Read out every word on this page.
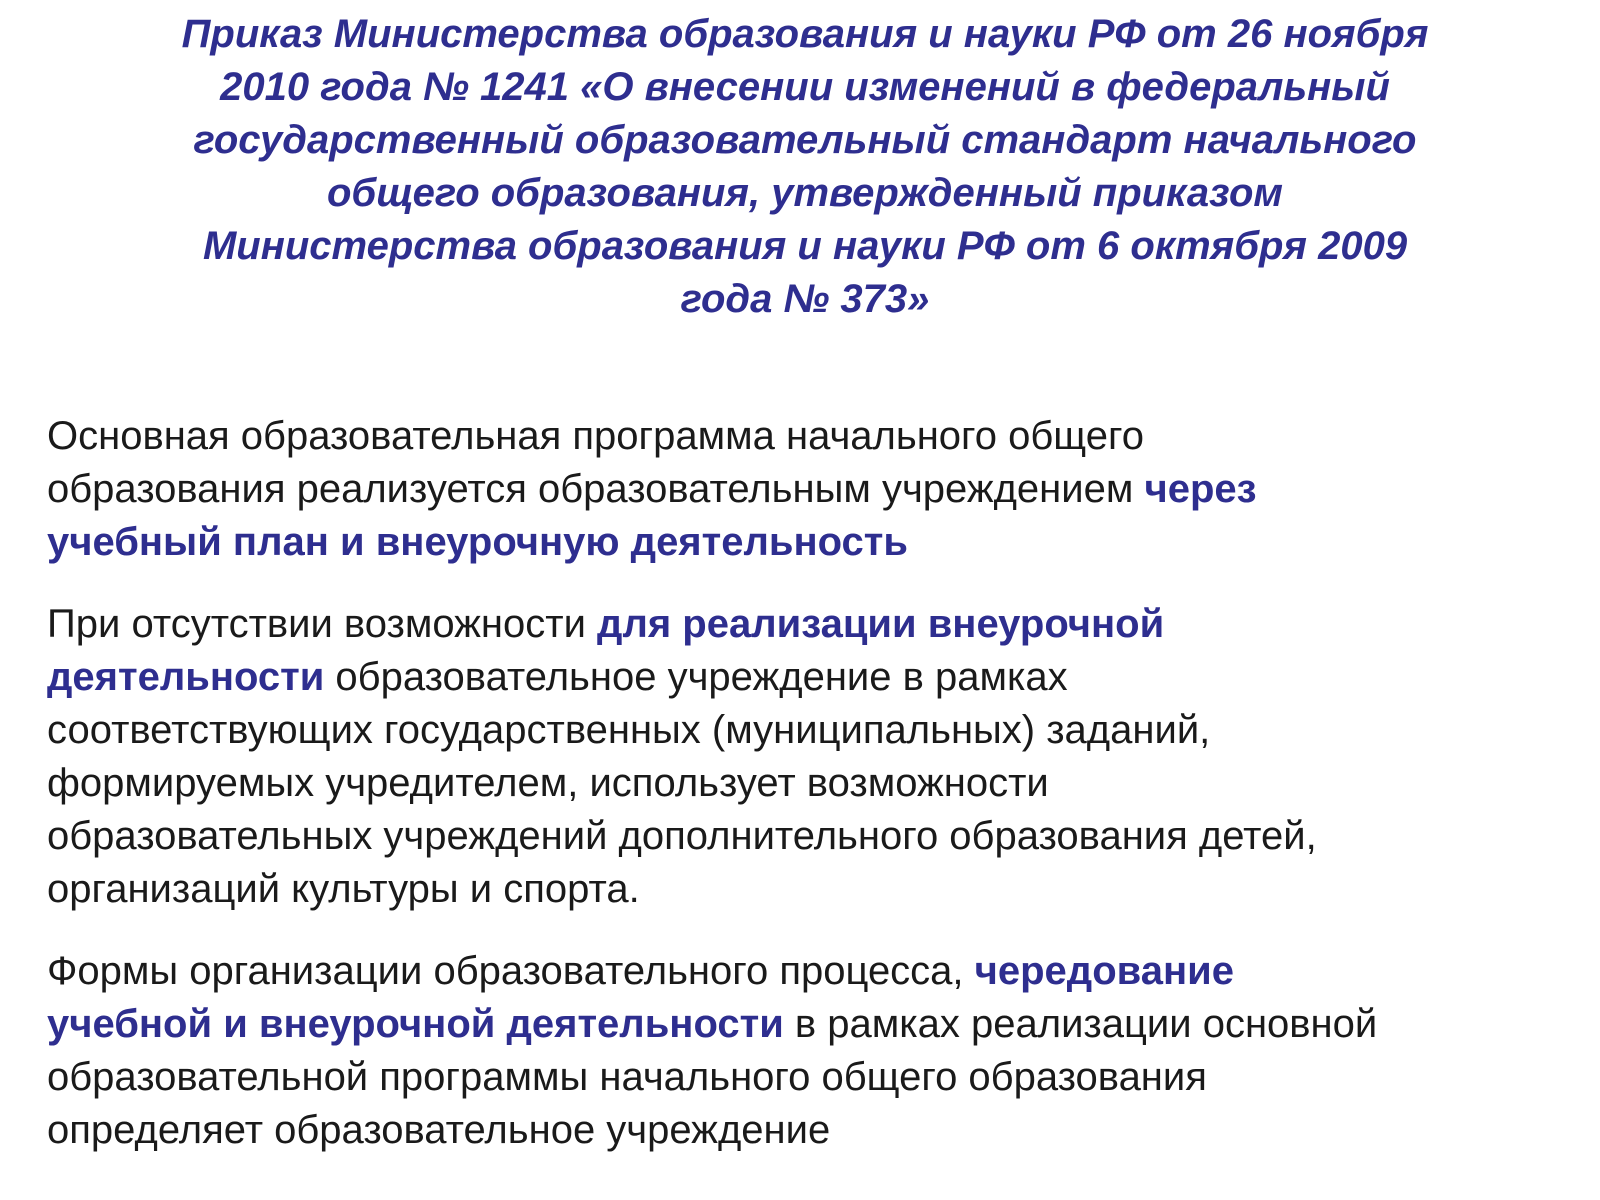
Приказ Министерства образования и науки РФ от 26 ноября
2010 года № 1241 «О внесении изменений в федеральный
государственный образовательный стандарт начального
общего образования, утвержденный приказом
Министерства образования и науки РФ от 6 октября 2009
года № 373»

Основная образовательная программа начального общего
образования реализуется образовательным учреждением через
учебный план и внеурочную деятельность

При отсутствии возможности для реализации внеурочной
деятельности образовательное учреждение в рамках
соответствующих государственных (муниципальных) заданий,
формируемых учредителем, использует возможности
образовательных учреждений дополнительного образования детей,
организаций культуры и спорта.

Формы организации образовательного процесса, чередование
учебной и внеурочной деятельности в рамках реализации основной
образовательной программы начального общего образования
определяет образовательное учреждение
